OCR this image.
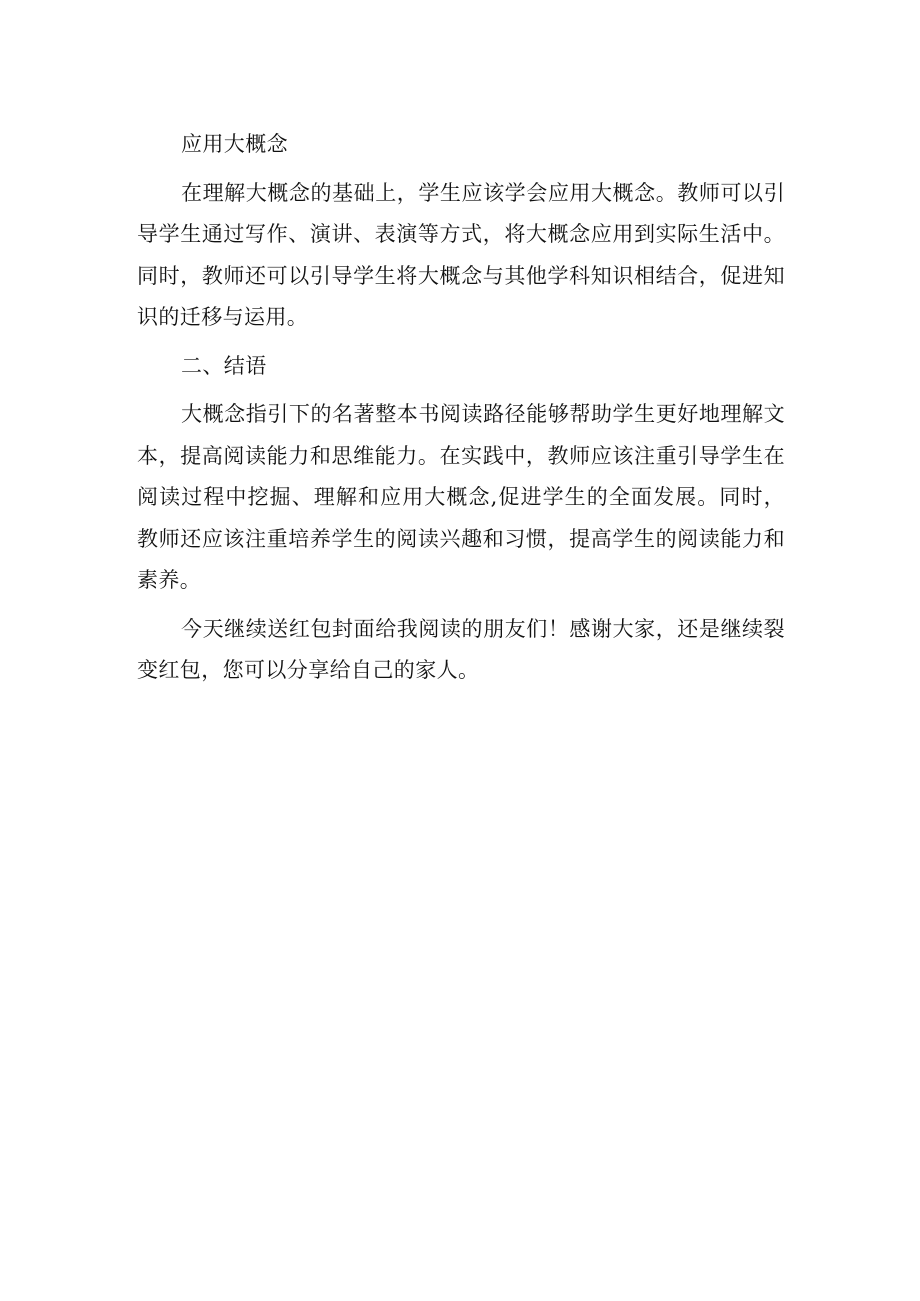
应用大概念

在理解大概念的基础上，学生应该学会应用大概念。教师可以引导学生通过写作、演讲、表演等方式，将大概念应用到实际生活中。同时，教师还可以引导学生将大概念与其他学科知识相结合，促进知识的迁移与运用。

二、结语

大概念指引下的名著整本书阅读路径能够帮助学生更好地理解文本，提高阅读能力和思维能力。在实践中，教师应该注重引导学生在阅读过程中挖掘、理解和应用大概念,促进学生的全面发展。同时，教师还应该注重培养学生的阅读兴趣和习惯，提高学生的阅读能力和素养。

今天继续送红包封面给我阅读的朋友们！感谢大家，还是继续裂变红包，您可以分享给自己的家人。
